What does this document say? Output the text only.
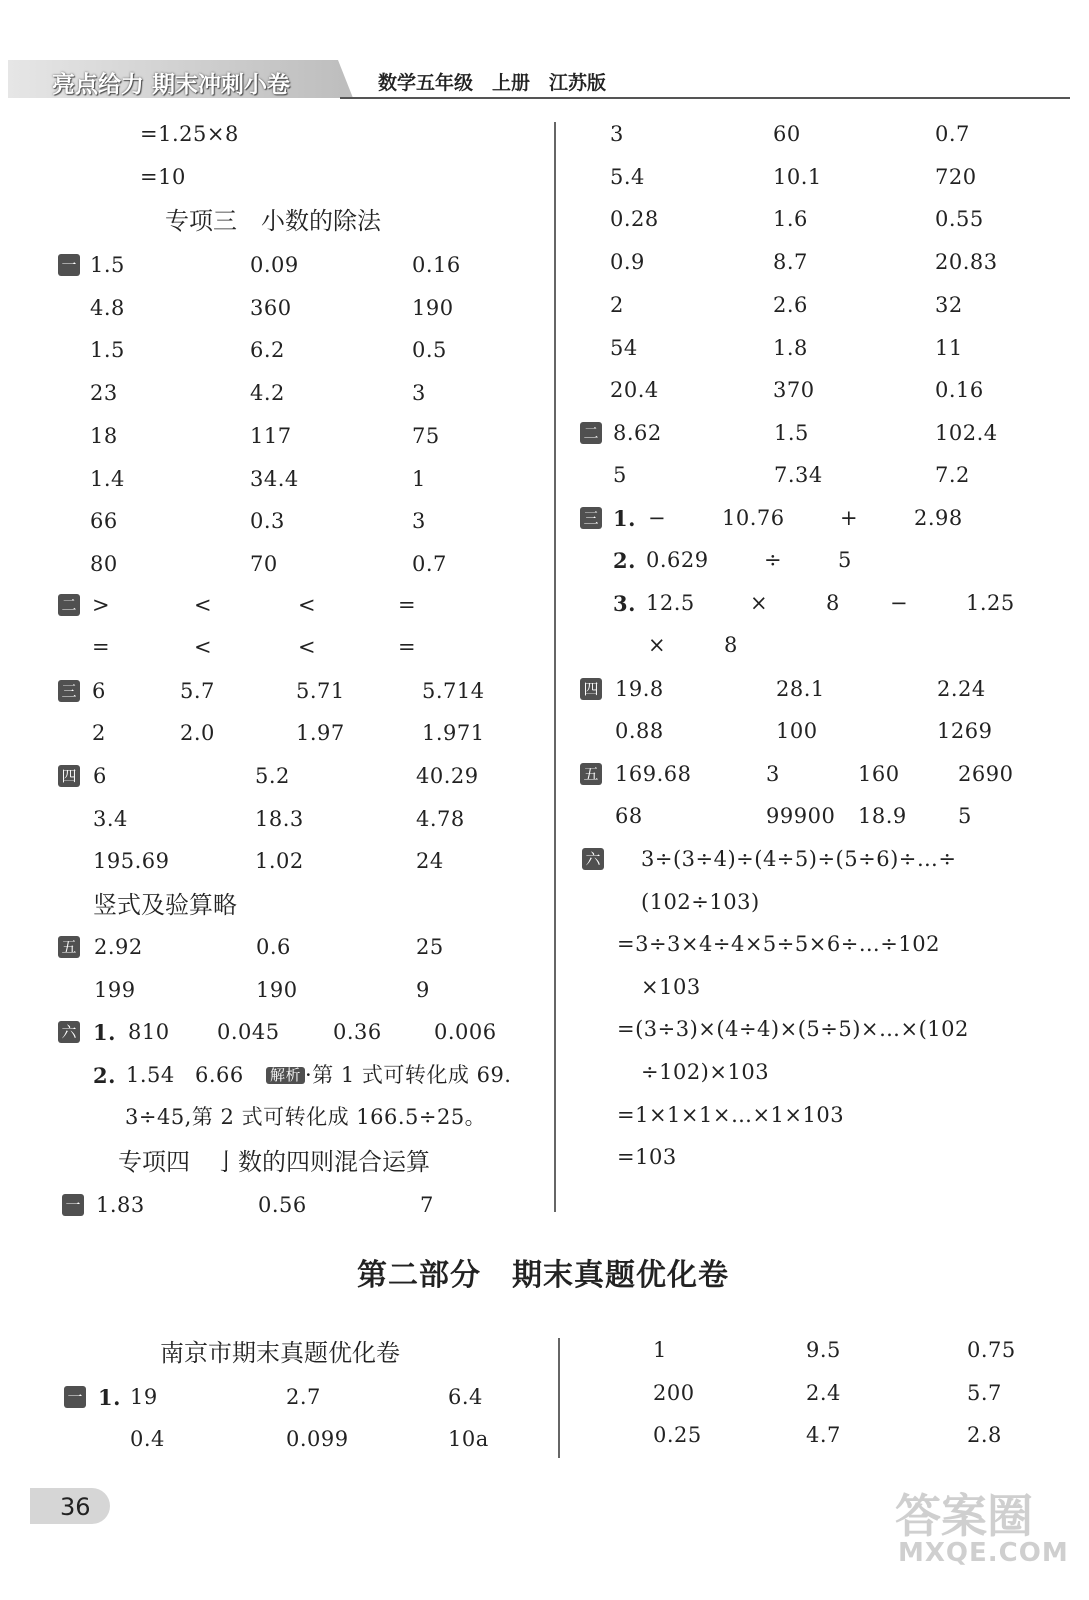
亮点给力 期末冲刺小卷	数学五年级　上册　江苏版
=1.25×8
=10
专项三　小数的除法
一 1.5	0.09	0.16
4.8	360	190
1.5	6.2	0.5
23	4.2	3
18	117	75
1.4	34.4	1
66	0.3	3
80	70	0.7
二 >	<	<	=
=	<	<	=
三 6	5.7	5.71	5.714
2	2.0	1.97	1.971
四 6	5.2	40.29
3.4	18.3	4.78
195.69	1.02	24
竖式及验算略
五 2.92	0.6	25
199	190	9
六 1. 810 0.045	0.36 0.006
2. 1.54 6.66 解析 ·第 1 式可转化成 69.
3÷45,第 2 式可转化成 166.5÷25。
专项四　亅数的四则混合运算
一 1.83	0.56	7
3	60	0.7
5.4	10.1	720
0.28	1.6	0.55
0.9	8.7	20.83
2	2.6	32
54	1.8	11
20.4	370	0.16
二 8.62	1.5	102.4
5	7.34	7.2
三 1. −	10.76	+	2.98
2. 0.629	÷	5
3. 12.5	×	8 −	1.25
×	8
四 19.8	28.1	2.24
0.88	100	1269
五 169.68	3	160	2690
68	99900 18.9 5
六 3÷(3÷4)÷(4÷5)÷(5÷6)÷…÷
(102÷103)
=3÷3×4÷4×5÷5×6÷…÷102
×103
=(3÷3)×(4÷4)×(5÷5)×…×(102
÷102)×103
=1×1×1×…×1×103
=103
第二部分　期末真题优化卷
南京市期末真题优化卷
一 1. 19	2.7	6.4
0.4	0.099	10a
1	9.5	0.75
200	2.4	5.7
0.25	4.7	2.8
36	答案圈
MXQE.COM
